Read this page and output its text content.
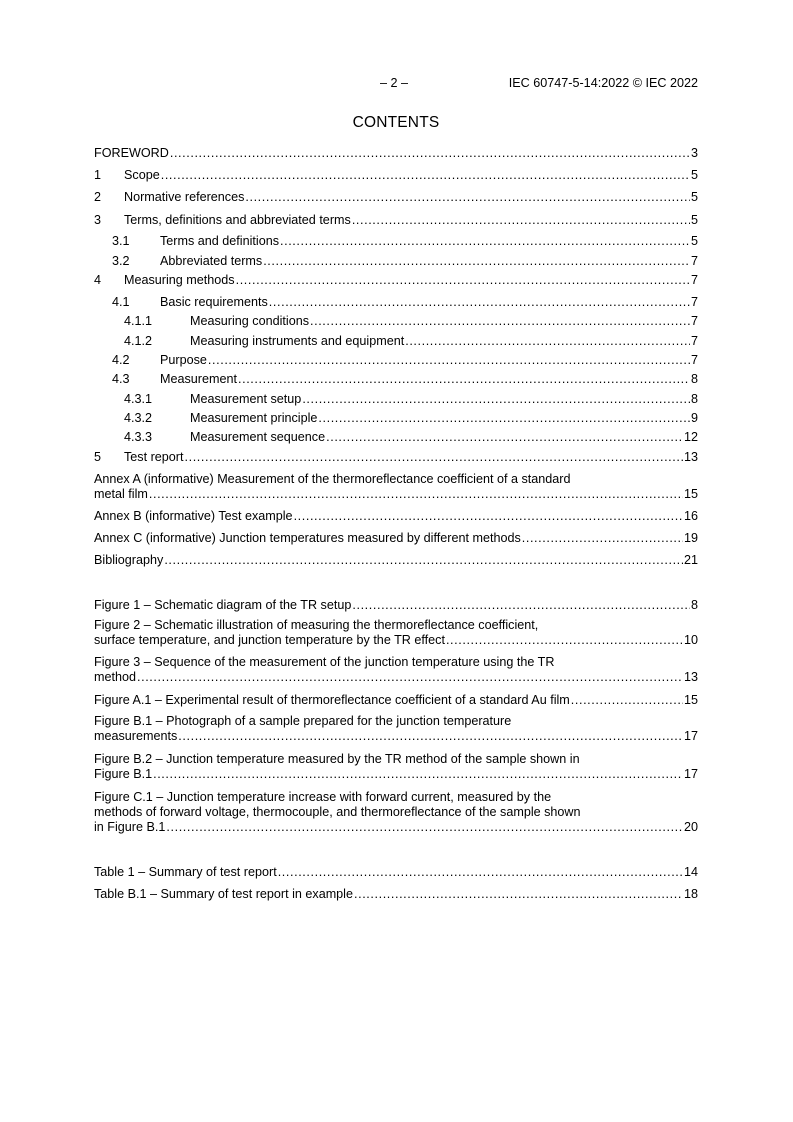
– 2 –	IEC 60747-5-14:2022 © IEC 2022
CONTENTS
FOREWORD .....	3
1	Scope .....	5
2	Normative references .....	5
3	Terms, definitions and abbreviated terms .....	5
3.1	Terms and definitions .....	5
3.2	Abbreviated terms .....	7
4	Measuring methods .....	7
4.1	Basic requirements .....	7
4.1.1	Measuring conditions .....	7
4.1.2	Measuring instruments and equipment .....	7
4.2	Purpose .....	7
4.3	Measurement .....	8
4.3.1	Measurement setup .....	8
4.3.2	Measurement principle .....	9
4.3.3	Measurement sequence .....	12
5	Test report .....	13
Annex A (informative) Measurement of the thermoreflectance coefficient of a standard
metal film .....	15
Annex B (informative) Test example .....	16
Annex C (informative) Junction temperatures measured by different methods .....	19
Bibliography .....	21
Figure 1 – Schematic diagram of the TR setup .....	8
Figure 2 – Schematic illustration of measuring the thermoreflectance coefficient,
surface temperature, and junction temperature by the TR effect .....	10
Figure 3 – Sequence of the measurement of the junction temperature using the TR
method .....	13
Figure A.1 – Experimental result of thermoreflectance coefficient of a standard Au film .....	15
Figure B.1 – Photograph of a sample prepared for the junction temperature
measurements .....	17
Figure B.2 – Junction temperature measured by the TR method of the sample shown in
Figure B.1 .....	17
Figure C.1 – Junction temperature increase with forward current, measured by the
methods of forward voltage, thermocouple, and thermoreflectance of the sample shown
in Figure B.1 .....	20
Table 1 – Summary of test report .....	14
Table B.1 – Summary of test report in example .....	18
